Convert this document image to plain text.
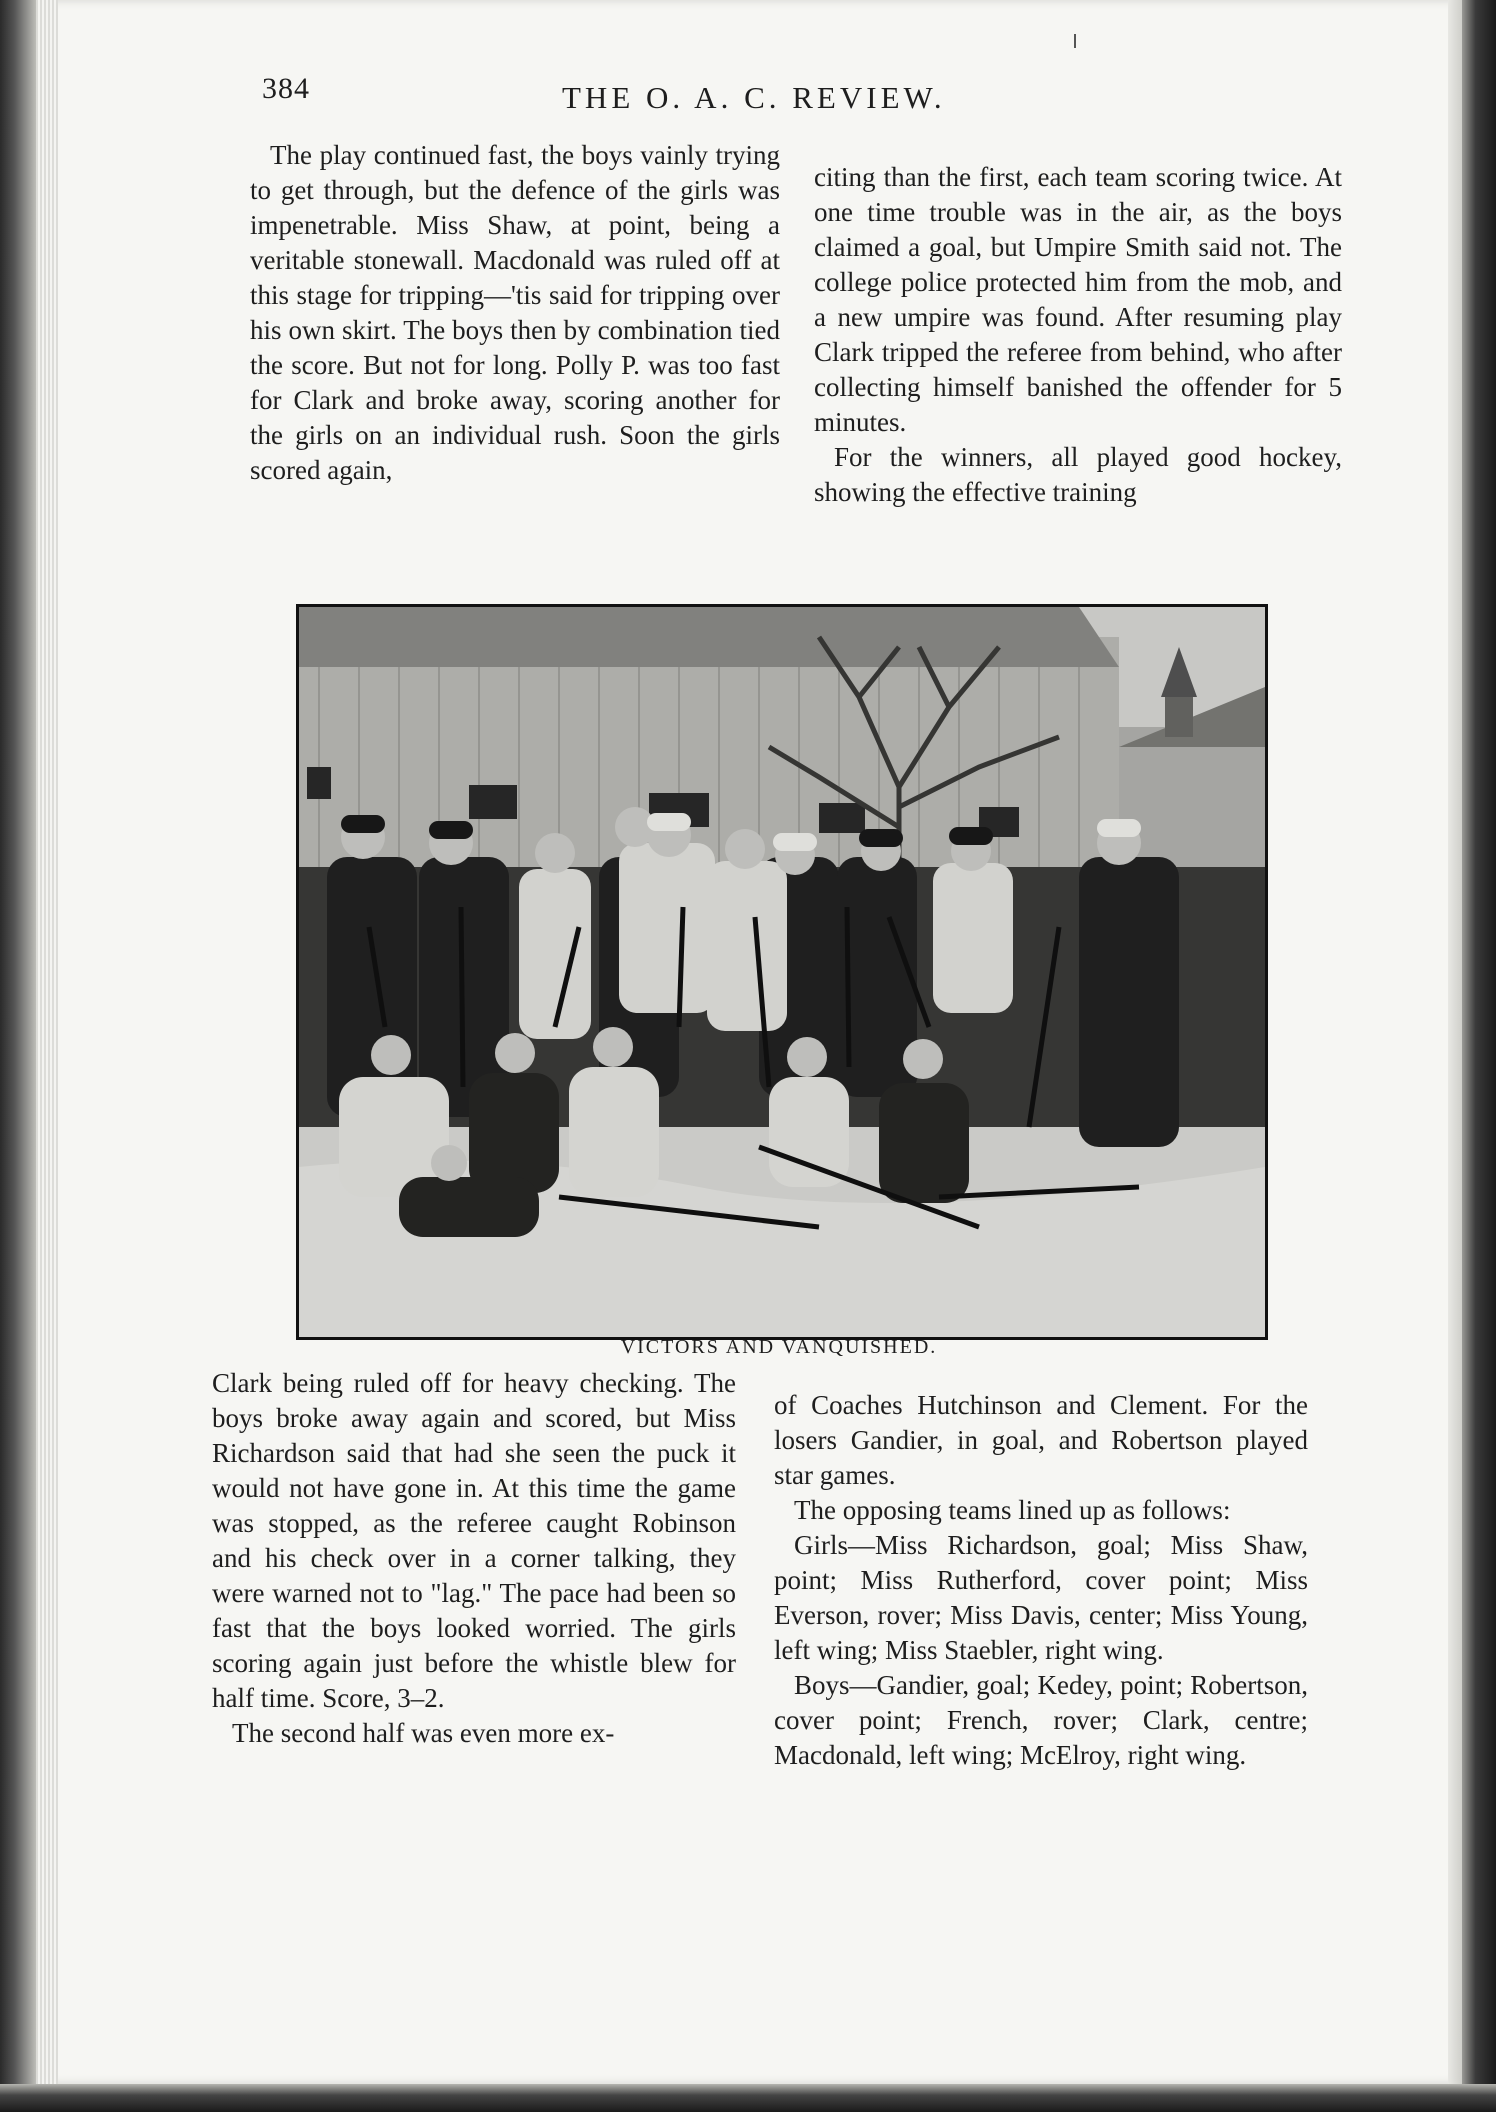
384	THE O. A. C. REVIEW.

The play continued fast, the boys vainly trying to get through, but the defence of the girls was impenetrable. Miss Shaw, at point, being a veritable stonewall. Macdonald was ruled off at this stage for tripping—'tis said for tripping over his own skirt. The boys then by combination tied the score. But not for long. Polly P. was too fast for Clark and broke away, scoring another for the girls on an individual rush. Soon the girls scored again,

citing than the first, each team scoring twice. At one time trouble was in the air, as the boys claimed a goal, but Umpire Smith said not. The college police protected him from the mob, and a new umpire was found. After resuming play Clark tripped the referee from behind, who after collecting himself banished the offender for 5 minutes.

For the winners, all played good hockey, showing the effective training

VICTORS AND VANQUISHED.

Clark being ruled off for heavy checking. The boys broke away again and scored, but Miss Richardson said that had she seen the puck it would not have gone in. At this time the game was stopped, as the referee caught Robinson and his check over in a corner talking, they were warned not to "lag." The pace had been so fast that the boys looked worried. The girls scoring again just before the whistle blew for half time. Score, 3–2.

The second half was even more ex-

of Coaches Hutchinson and Clement. For the losers Gandier, in goal, and Robertson played star games.

The opposing teams lined up as follows:

Girls—Miss Richardson, goal; Miss Shaw, point; Miss Rutherford, cover point; Miss Everson, rover; Miss Davis, center; Miss Young, left wing; Miss Staebler, right wing.

Boys—Gandier, goal; Kedey, point; Robertson, cover point; French, rover; Clark, centre; Macdonald, left wing; McElroy, right wing.
